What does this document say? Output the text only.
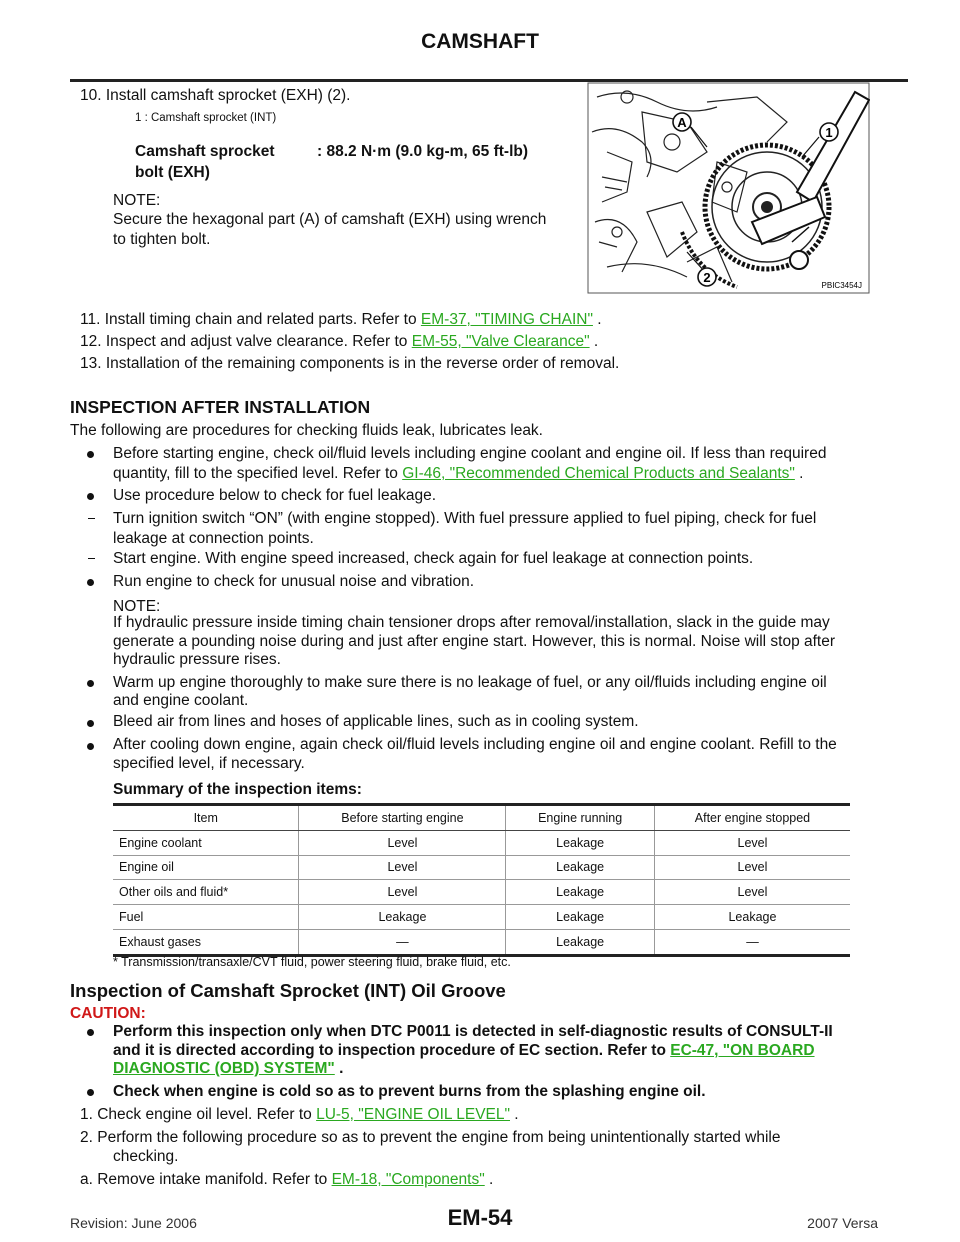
CAMSHAFT
10. Install camshaft sprocket (EXH) (2).
1 : Camshaft sprocket (INT)
Camshaft sprocket
bolt (EXH)
: 88.2 N·m (9.0 kg-m, 65 ft-lb)
NOTE:
Secure the hexagonal part (A) of camshaft (EXH) using wrench
to tighten bolt.
A
1
2
PBIC3454J
11. Install timing chain and related parts. Refer to EM-37, "TIMING CHAIN" .
12. Inspect and adjust valve clearance. Refer to EM-55, "Valve Clearance" .
13. Installation of the remaining components is in the reverse order of removal.
INSPECTION AFTER INSTALLATION
The following are procedures for checking fluids leak, lubricates leak.
Before starting engine, check oil/fluid levels including engine coolant and engine oil. If less than required
quantity, fill to the specified level. Refer to GI-46, "Recommended Chemical Products and Sealants" .
Use procedure below to check for fuel leakage.
Turn ignition switch “ON” (with engine stopped). With fuel pressure applied to fuel piping, check for fuel
leakage at connection points.
Start engine. With engine speed increased, check again for fuel leakage at connection points.
Run engine to check for unusual noise and vibration.
NOTE:
If hydraulic pressure inside timing chain tensioner drops after removal/installation, slack in the guide may
generate a pounding noise during and just after engine start. However, this is normal. Noise will stop after
hydraulic pressure rises.
Warm up engine thoroughly to make sure there is no leakage of fuel, or any oil/fluids including engine oil
and engine coolant.
Bleed air from lines and hoses of applicable lines, such as in cooling system.
After cooling down engine, again check oil/fluid levels including engine oil and engine coolant. Refill to the
specified level, if necessary.
Summary of the inspection items:
Item	Before starting engine	Engine running	After engine stopped
Engine coolant	Level	Leakage	Level
Engine oil	Level	Leakage	Level
Other oils and fluid*	Level	Leakage	Level
Fuel	Leakage	Leakage	Leakage
Exhaust gases	—	Leakage	—
* Transmission/transaxle/CVT fluid, power steering fluid, brake fluid, etc.
Inspection of Camshaft Sprocket (INT) Oil Groove
CAUTION:
Perform this inspection only when DTC P0011 is detected in self-diagnostic results of CONSULT-II
and it is directed according to inspection procedure of EC section. Refer to EC-47, "ON BOARD
DIAGNOSTIC (OBD) SYSTEM" .
Check when engine is cold so as to prevent burns from the splashing engine oil.
1. Check engine oil level. Refer to LU-5, "ENGINE OIL LEVEL" .
2. Perform the following procedure so as to prevent the engine from being unintentionally started while
checking.
a. Remove intake manifold. Refer to EM-18, "Components" .
Revision: June 2006	EM-54	2007 Versa
